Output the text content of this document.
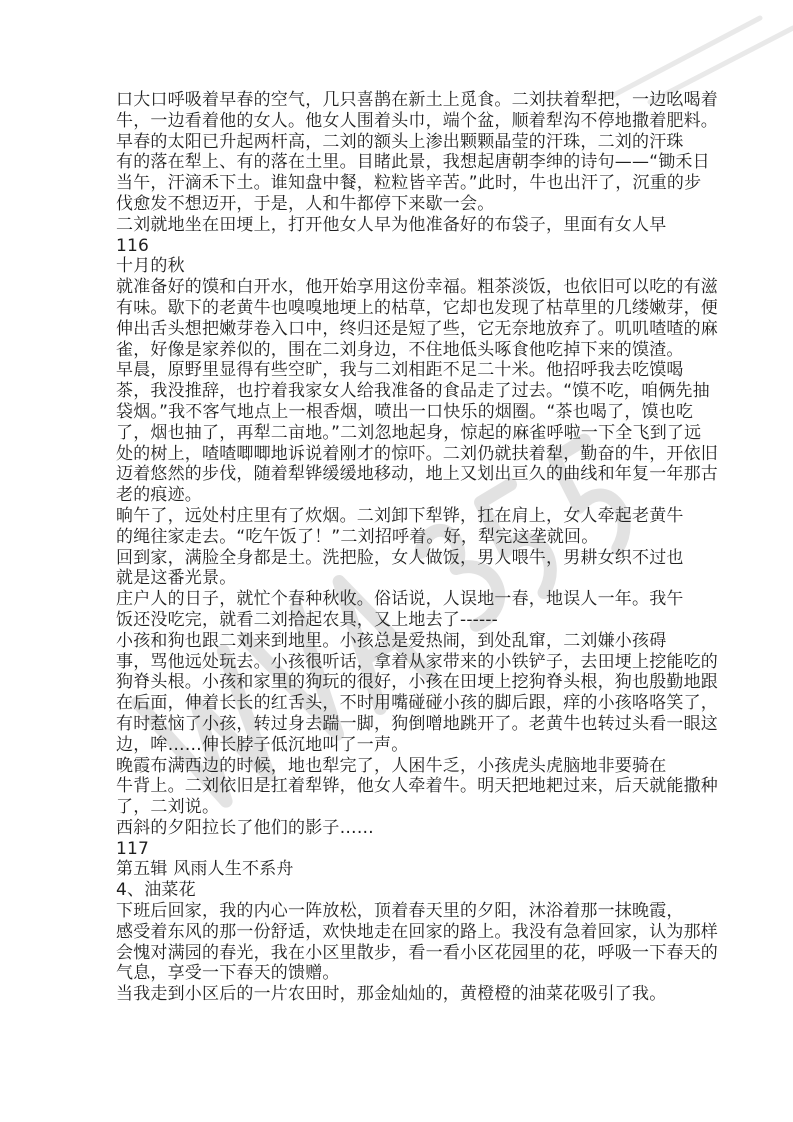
口大口呼吸着早春的空气，几只喜鹊在新土上觅食。二刘扶着犁把，一边吆喝着
牛，一边看着他的女人。他女人围着头巾，端个盆，顺着犁沟不停地撒着肥料。
早春的太阳已升起两杆高，二刘的额头上渗出颗颗晶莹的汗珠，二刘的汗珠
有的落在犁上、有的落在土里。目睹此景，我想起唐朝李绅的诗句——“锄禾日
当午，汗滴禾下土。谁知盘中餐，粒粒皆辛苦。”此时，牛也出汗了，沉重的步
伐愈发不想迈开，于是，人和牛都停下来歇一会。
二刘就地坐在田埂上，打开他女人早为他准备好的布袋子，里面有女人早
116
十月的秋
就准备好的馍和白开水，他开始享用这份幸福。粗茶淡饭，也依旧可以吃的有滋
有味。歇下的老黄牛也嗅嗅地埂上的枯草，它却也发现了枯草里的几缕嫩芽，便
伸出舌头想把嫩芽卷入口中，终归还是短了些，它无奈地放弃了。叽叽喳喳的麻
雀，好像是家养似的，围在二刘身边，不住地低头啄食他吃掉下来的馍渣。
早晨，原野里显得有些空旷，我与二刘相距不足二十米。他招呼我去吃馍喝
茶，我没推辞，也拧着我家女人给我准备的食品走了过去。“馍不吃，咱俩先抽
袋烟。”我不客气地点上一根香烟，喷出一口快乐的烟圈。“茶也喝了，馍也吃
了，烟也抽了，再犁二亩地。”二刘忽地起身，惊起的麻雀呼啦一下全飞到了远
处的树上，喳喳唧唧地诉说着刚才的惊吓。二刘仍就扶着犁，勤奋的牛，开依旧
迈着悠然的步伐，随着犁铧缓缓地移动，地上又划出亘久的曲线和年复一年那古
老的痕迹。
晌午了，远处村庄里有了炊烟。二刘卸下犁铧，扛在肩上，女人牵起老黄牛
的绳往家走去。“吃午饭了！”二刘招呼着。好，犁完这垄就回。
回到家，满脸全身都是土。洗把脸，女人做饭，男人喂牛，男耕女织不过也
就是这番光景。
庄户人的日子，就忙个春种秋收。俗话说，人误地一春，地误人一年。我午
饭还没吃完，就看二刘拾起农具，又上地去了------
小孩和狗也跟二刘来到地里。小孩总是爱热闹，到处乱窜，二刘嫌小孩碍
事，骂他远处玩去。小孩很听话，拿着从家带来的小铁铲子，去田埂上挖能吃的
狗脊头根。小孩和家里的狗玩的很好，小孩在田埂上挖狗脊头根，狗也殷勤地跟
在后面，伸着长长的红舌头，不时用嘴碰碰小孩的脚后跟，痒的小孩咯咯笑了，
有时惹恼了小孩，转过身去踹一脚，狗倒噌地跳开了。老黄牛也转过头看一眼这
边，哞……伸长脖子低沉地叫了一声。
晚霞布满西边的时候，地也犁完了，人困牛乏，小孩虎头虎脑地非要骑在
牛背上。二刘依旧是扛着犁铧，他女人牵着牛。明天把地耙过来，后天就能撒种
了，二刘说。
西斜的夕阳拉长了他们的影子……
117
第五辑 风雨人生不系舟
4、油菜花
下班后回家，我的内心一阵放松，顶着春天里的夕阳，沐浴着那一抹晚霞，
感受着东风的那一份舒适，欢快地走在回家的路上。我没有急着回家，认为那样
会愧对满园的春光，我在小区里散步，看一看小区花园里的花，呼吸一下春天的
气息，享受一下春天的馈赠。
当我走到小区后的一片农田时，那金灿灿的，黄橙橙的油菜花吸引了我。
